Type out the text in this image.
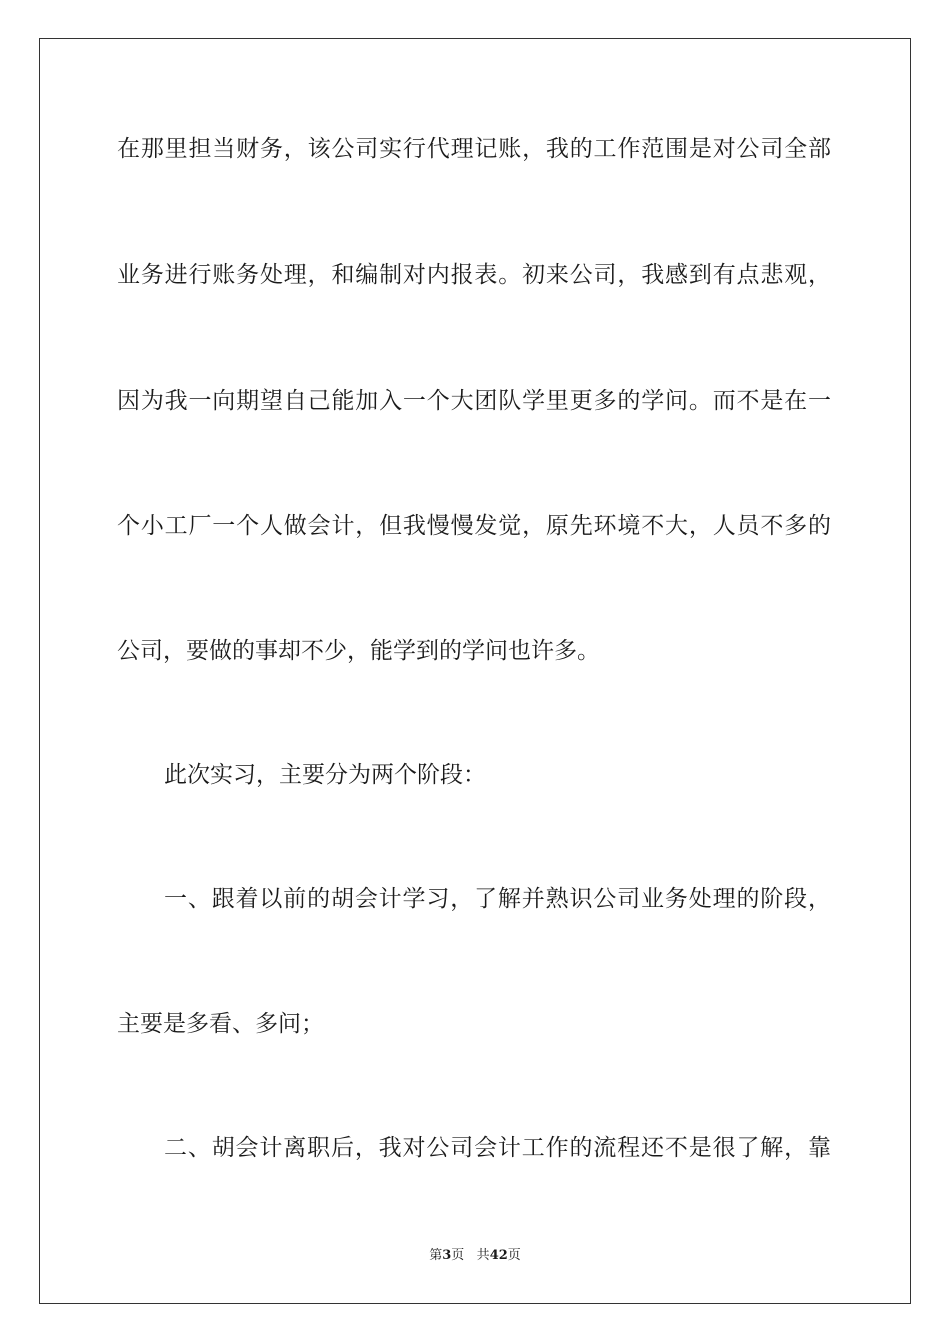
在那里担当财务，该公司实行代理记账，我的工作范围是对公司全部

业务进行账务处理，和编制对内报表。初来公司，我感到有点悲观，

因为我一向期望自己能加入一个大团队学里更多的学问。而不是在一

个小工厂一个人做会计，但我慢慢发觉，原先环境不大，人员不多的

公司，要做的事却不少，能学到的学问也许多。

此次实习，主要分为两个阶段：

一、跟着以前的胡会计学习，了解并熟识公司业务处理的阶段，

主要是多看、多问；

二、胡会计离职后，我对公司会计工作的流程还不是很了解，靠

第3页 共42页
